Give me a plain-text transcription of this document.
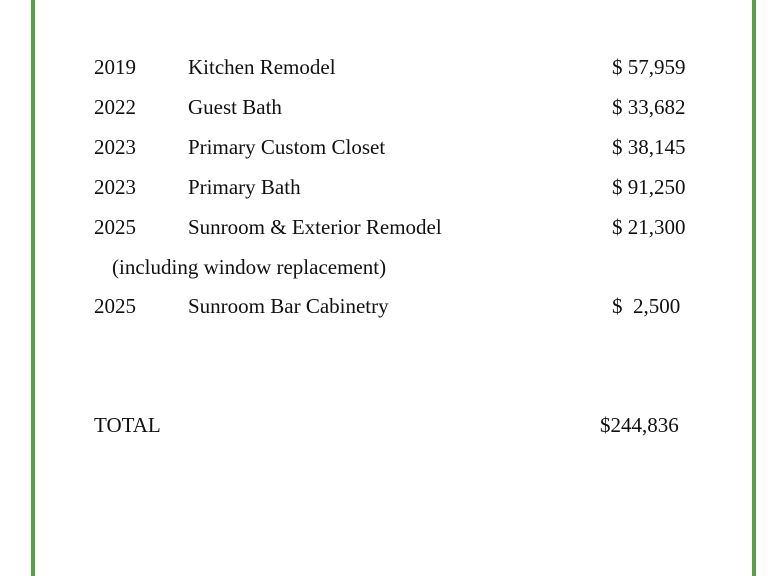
2019 Kitchen Remodel	$ 57,959
2022 Guest Bath	$ 33,682
2023 Primary Custom Closet	$ 38,145
2023 Primary Bath	$ 91,250
2025 Sunroom & Exterior Remodel	$ 21,300
(including window replacement)
2025 Sunroom Bar Cabinetry	$  2,500
TOTAL	$244,836
